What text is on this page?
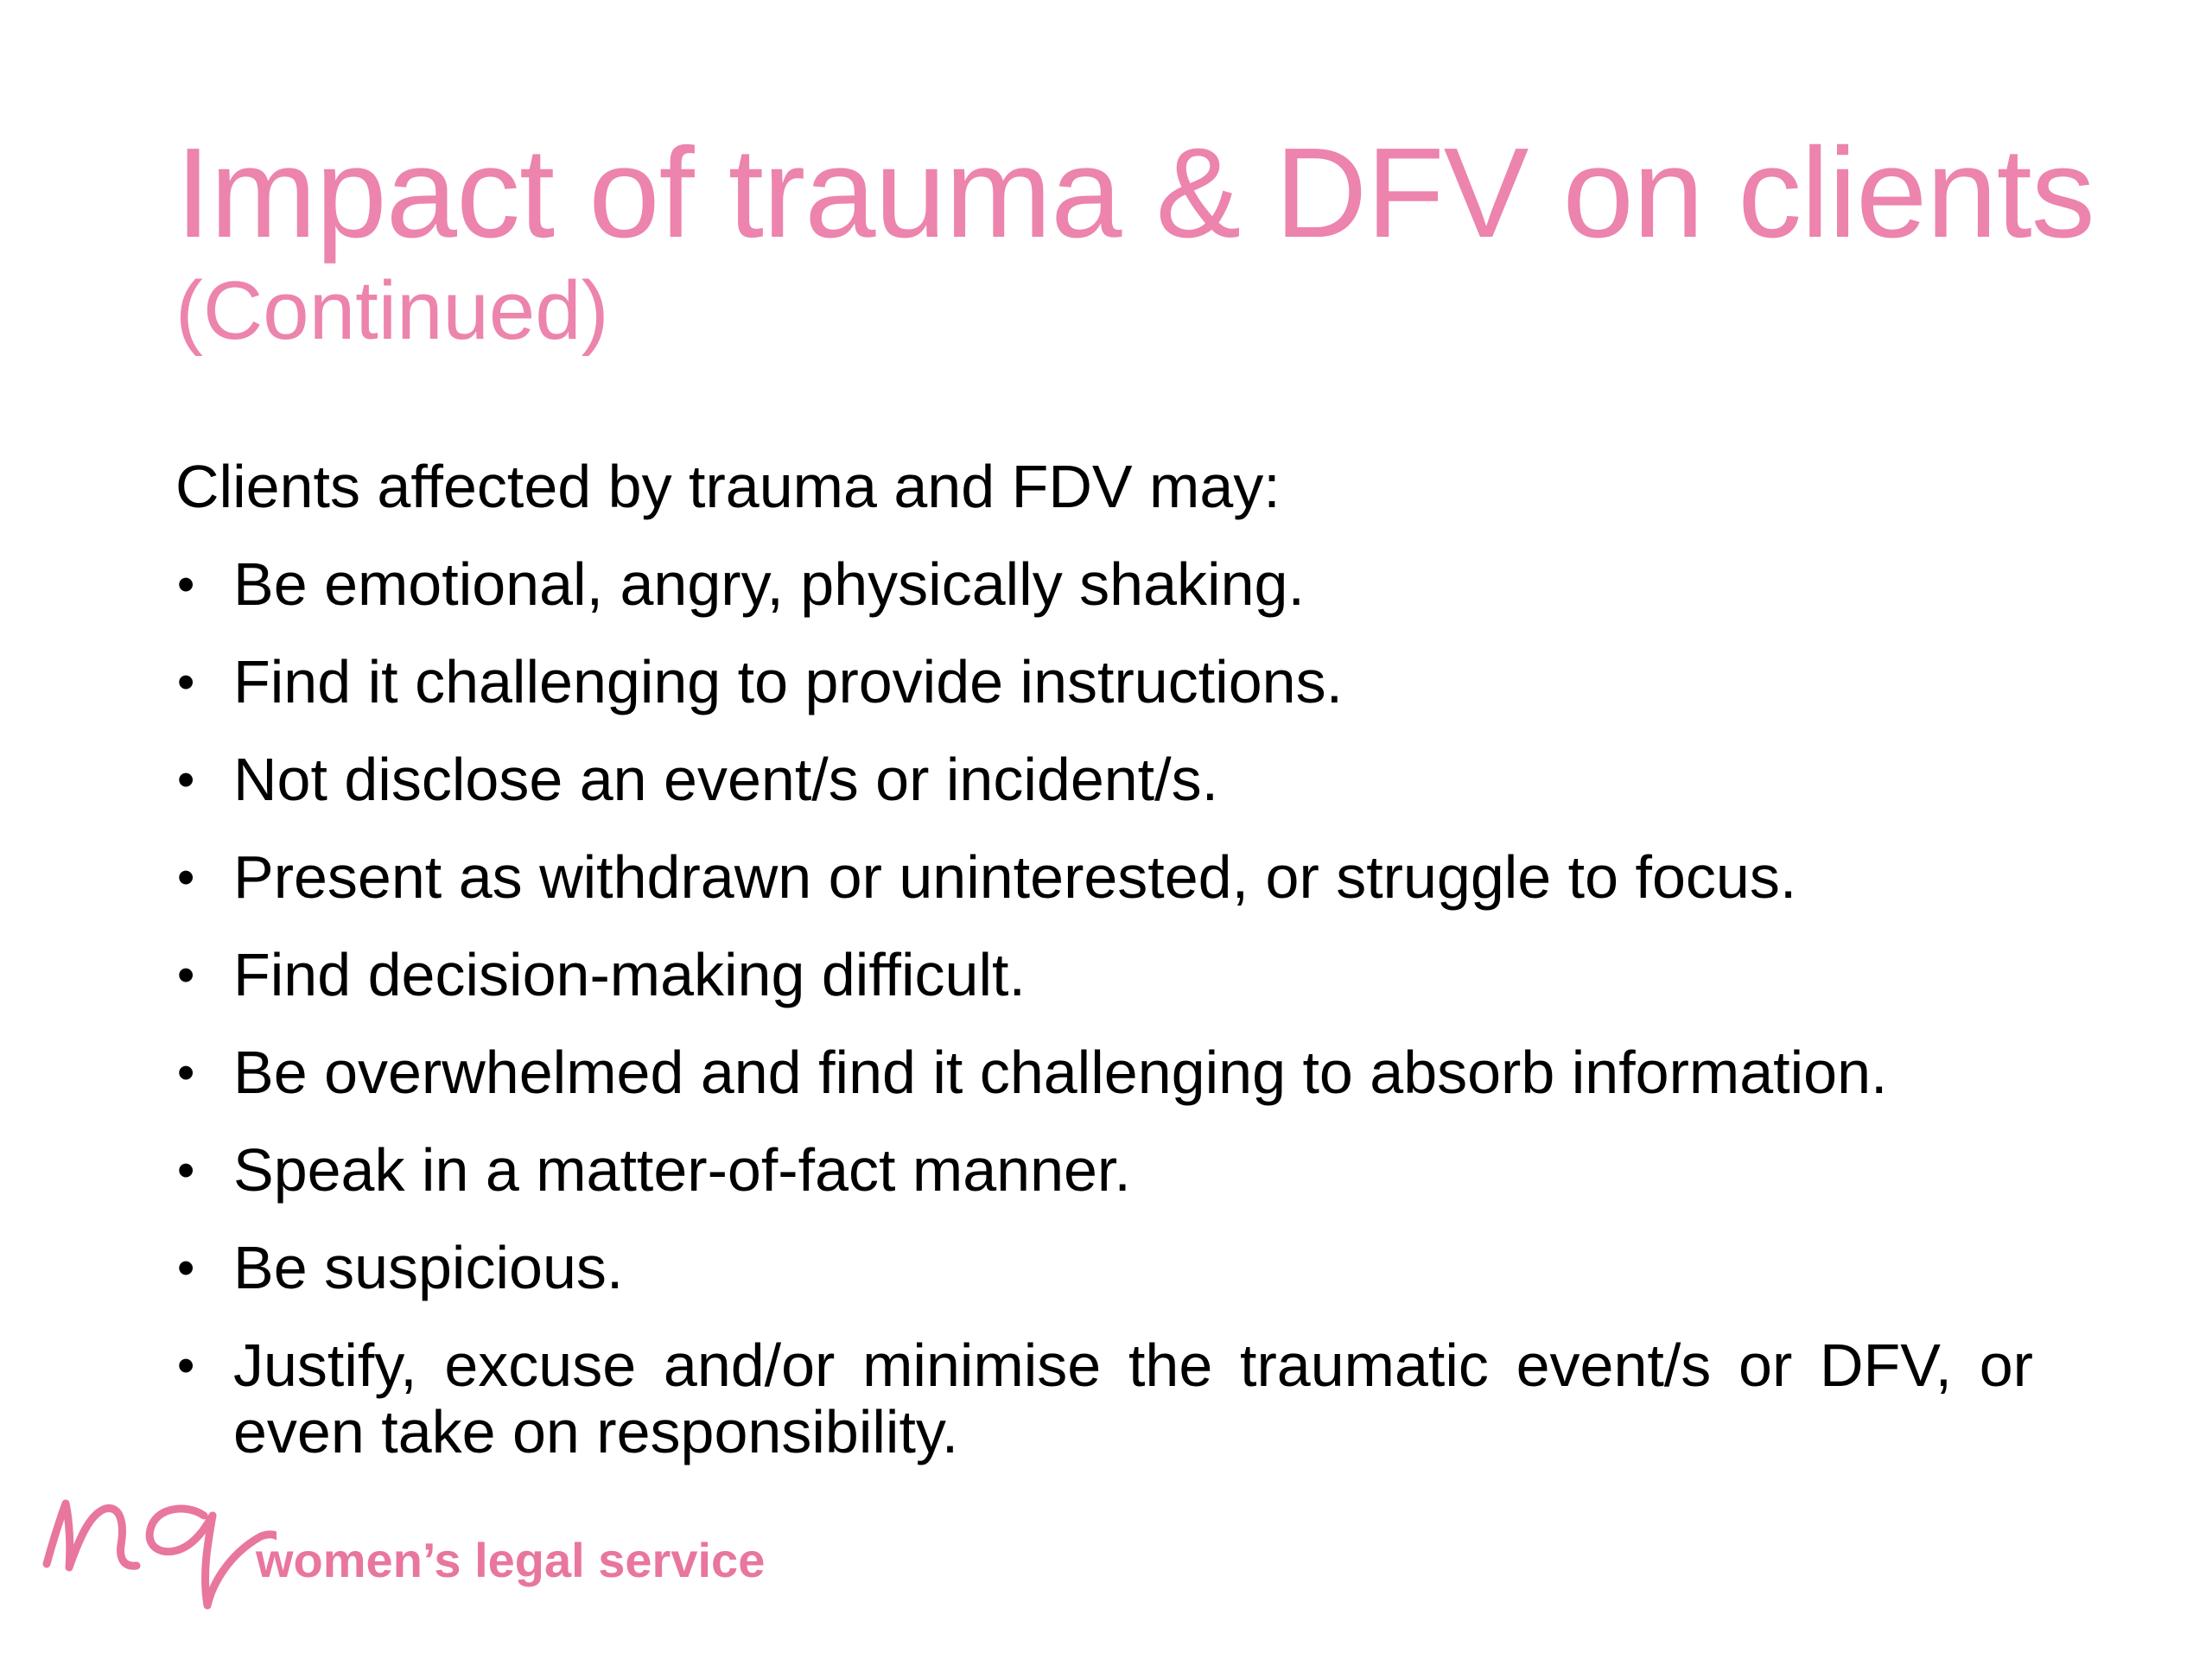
Impact of trauma & DFV on clients
(Continued)

Clients affected by trauma and FDV may:

• Be emotional, angry, physically shaking.
• Find it challenging to provide instructions.
• Not disclose an event/s or incident/s.
• Present as withdrawn or uninterested, or struggle to focus.
• Find decision-making difficult.
• Be overwhelmed and find it challenging to absorb information.
• Speak in a matter-of-fact manner.
• Be suspicious.
• Justify, excuse and/or minimise the traumatic event/s or DFV, or even take on responsibility.
women’s legal service
